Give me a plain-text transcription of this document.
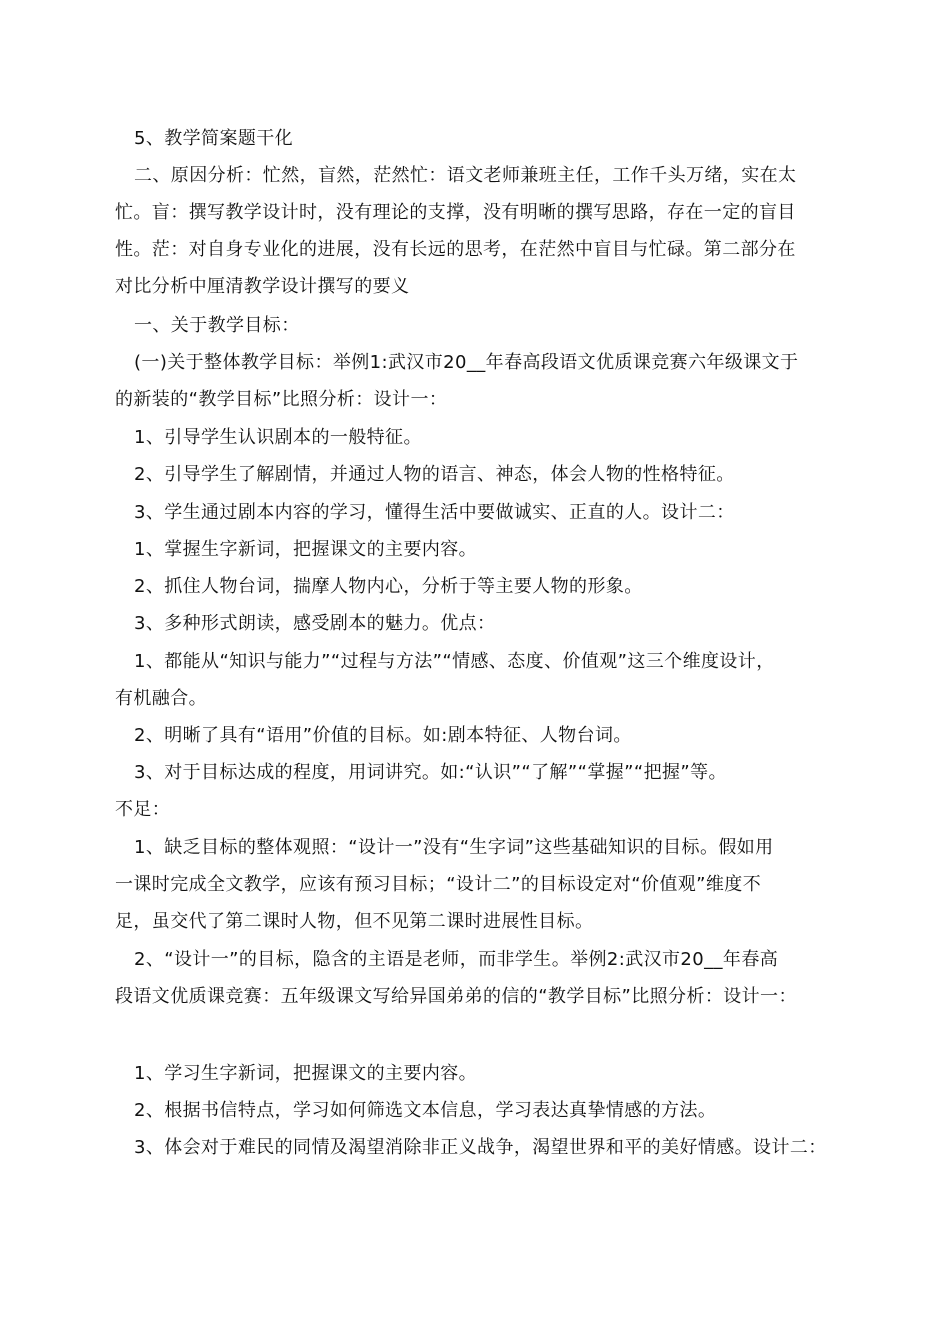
5、教学简案题干化
二、原因分析：忙然，盲然，茫然忙：语文老师兼班主任，工作千头万绪，实在太
忙。盲：撰写教学设计时，没有理论的支撑，没有明晰的撰写思路，存在一定的盲目
性。茫：对自身专业化的进展，没有长远的思考，在茫然中盲目与忙碌。第二部分在
对比分析中厘清教学设计撰写的要义
一、关于教学目标：
(一)关于整体教学目标：举例1:武汉市20__年春高段语文优质课竞赛六年级课文于
的新装的“教学目标”比照分析：设计一：
1、引导学生认识剧本的一般特征。
2、引导学生了解剧情，并通过人物的语言、神态，体会人物的性格特征。
3、学生通过剧本内容的学习，懂得生活中要做诚实、正直的人。设计二：
1、掌握生字新词，把握课文的主要内容。
2、抓住人物台词，揣摩人物内心，分析于等主要人物的形象。
3、多种形式朗读，感受剧本的魅力。优点：
1、都能从“知识与能力”“过程与方法”“情感、态度、价值观”这三个维度设计，
有机融合。
2、明晰了具有“语用”价值的目标。如:剧本特征、人物台词。
3、对于目标达成的程度，用词讲究。如:“认识”“了解”“掌握”“把握”等。
不足：
1、缺乏目标的整体观照：“设计一”没有“生字词”这些基础知识的目标。假如用
一课时完成全文教学，应该有预习目标；“设计二”的目标设定对“价值观”维度不
足，虽交代了第二课时人物，但不见第二课时进展性目标。
2、“设计一”的目标，隐含的主语是老师，而非学生。举例2:武汉市20__年春高
段语文优质课竞赛：五年级课文写给异国弟弟的信的“教学目标”比照分析：设计一：
1、学习生字新词，把握课文的主要内容。
2、根据书信特点，学习如何筛选文本信息，学习表达真挚情感的方法。
3、体会对于难民的同情及渴望消除非正义战争，渴望世界和平的美好情感。设计二：
